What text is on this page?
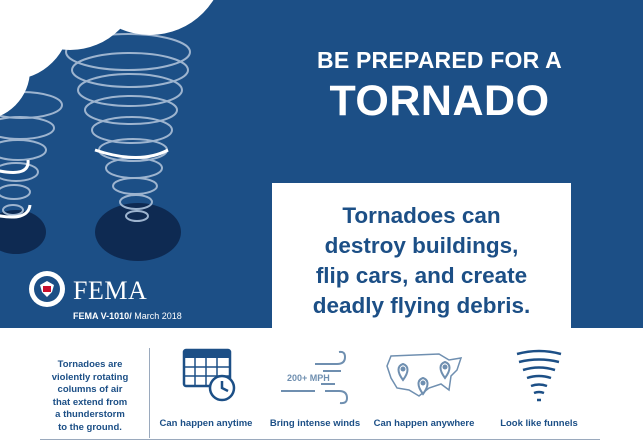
BE PREPARED FOR A
TORNADO
Tornadoes can
destroy buildings,
flip cars, and create
deadly flying debris.
FEMA
FEMA V-1010/ March 2018
Tornadoes are
violently rotating
columns of air
that extend from
a thunderstorm
to the ground.	Can happen anytime
200+ MPH
Bring intense winds	Can happen anywhere	Look like funnels
